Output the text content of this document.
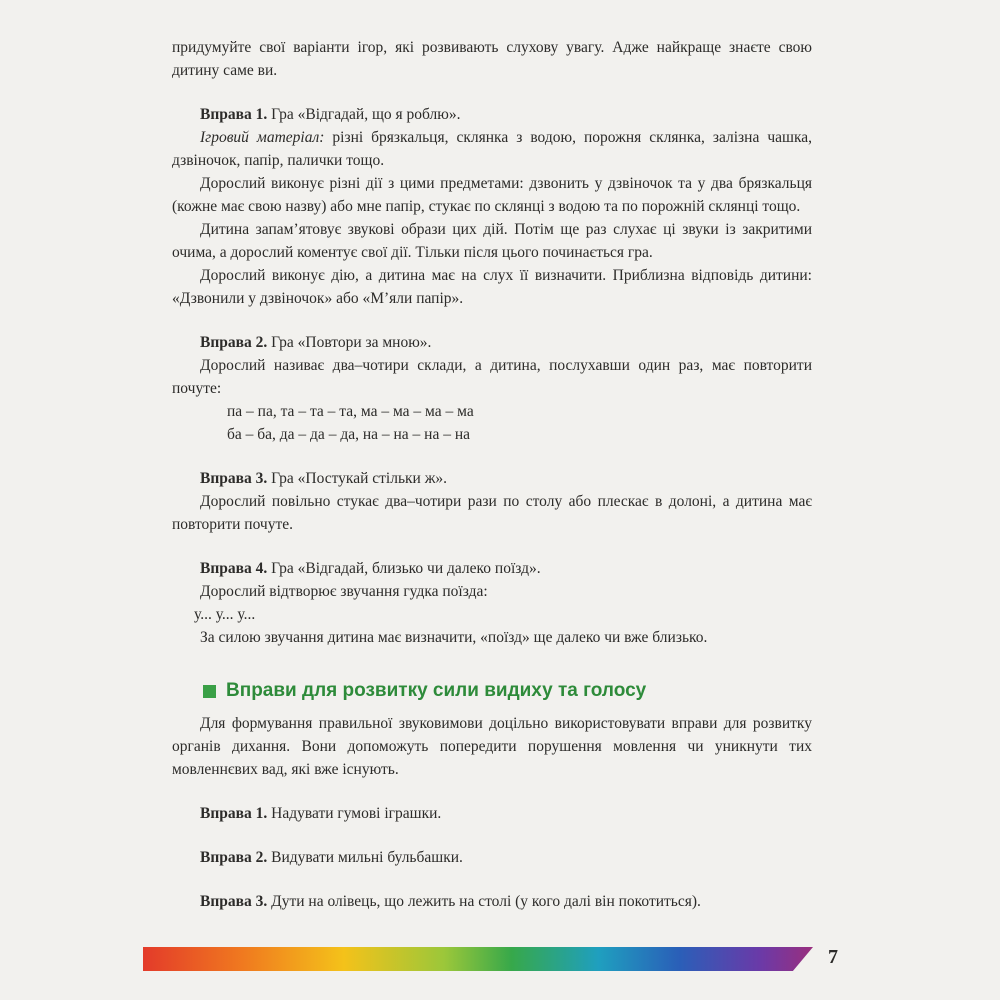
придумуйте свої варіанти ігор, які розвивають слухову увагу. Адже найкраще знаєте свою дитину саме ви.

Вправа 1. Гра «Відгадай, що я роблю».

Ігровий матеріал: різні брязкальця, склянка з водою, порожня склянка, залізна чашка, дзвіночок, папір, палички тощо.

Дорослий виконує різні дії з цими предметами: дзвонить у дзвіночок та у два брязкальця (кожне має свою назву) або мне папір, стукає по склянці з водою та по порожній склянці тощо.

Дитина запам’ятовує звукові образи цих дій. Потім ще раз слухає ці звуки із закритими очима, а дорослий коментує свої дії. Тільки після цього починається гра.

Дорослий виконує дію, а дитина має на слух її визначити. Приблизна відповідь дитини: «Дзвонили у дзвіночок» або «М’яли папір».

Вправа 2. Гра «Повтори за мною».

Дорослий називає два–чотири склади, а дитина, послухавши один раз, має повторити почуте:

па – па, та – та – та, ма – ма – ма – ма

ба – ба, да – да – да, на – на – на – на

Вправа 3. Гра «Постукай стільки ж».

Дорослий повільно стукає два–чотири рази по столу або плескає в долоні, а дитина має повторити почуте.

Вправа 4. Гра «Відгадай, близько чи далеко поїзд».

Дорослий відтворює звучання гудка поїзда:

у... у... у...

За силою звучання дитина має визначити, «поїзд» ще далеко чи вже близько.

Вправи для розвитку сили видиху та голосу

Для формування правильної звуковимови доцільно використовувати вправи для розвитку органів дихання. Вони допоможуть попередити порушення мовлення чи уникнути тих мовленнєвих вад, які вже існують.

Вправа 1. Надувати гумові іграшки.

Вправа 2. Видувати мильні бульбашки.

Вправа 3. Дути на олівець, що лежить на столі (у кого далі він покотиться).

7
